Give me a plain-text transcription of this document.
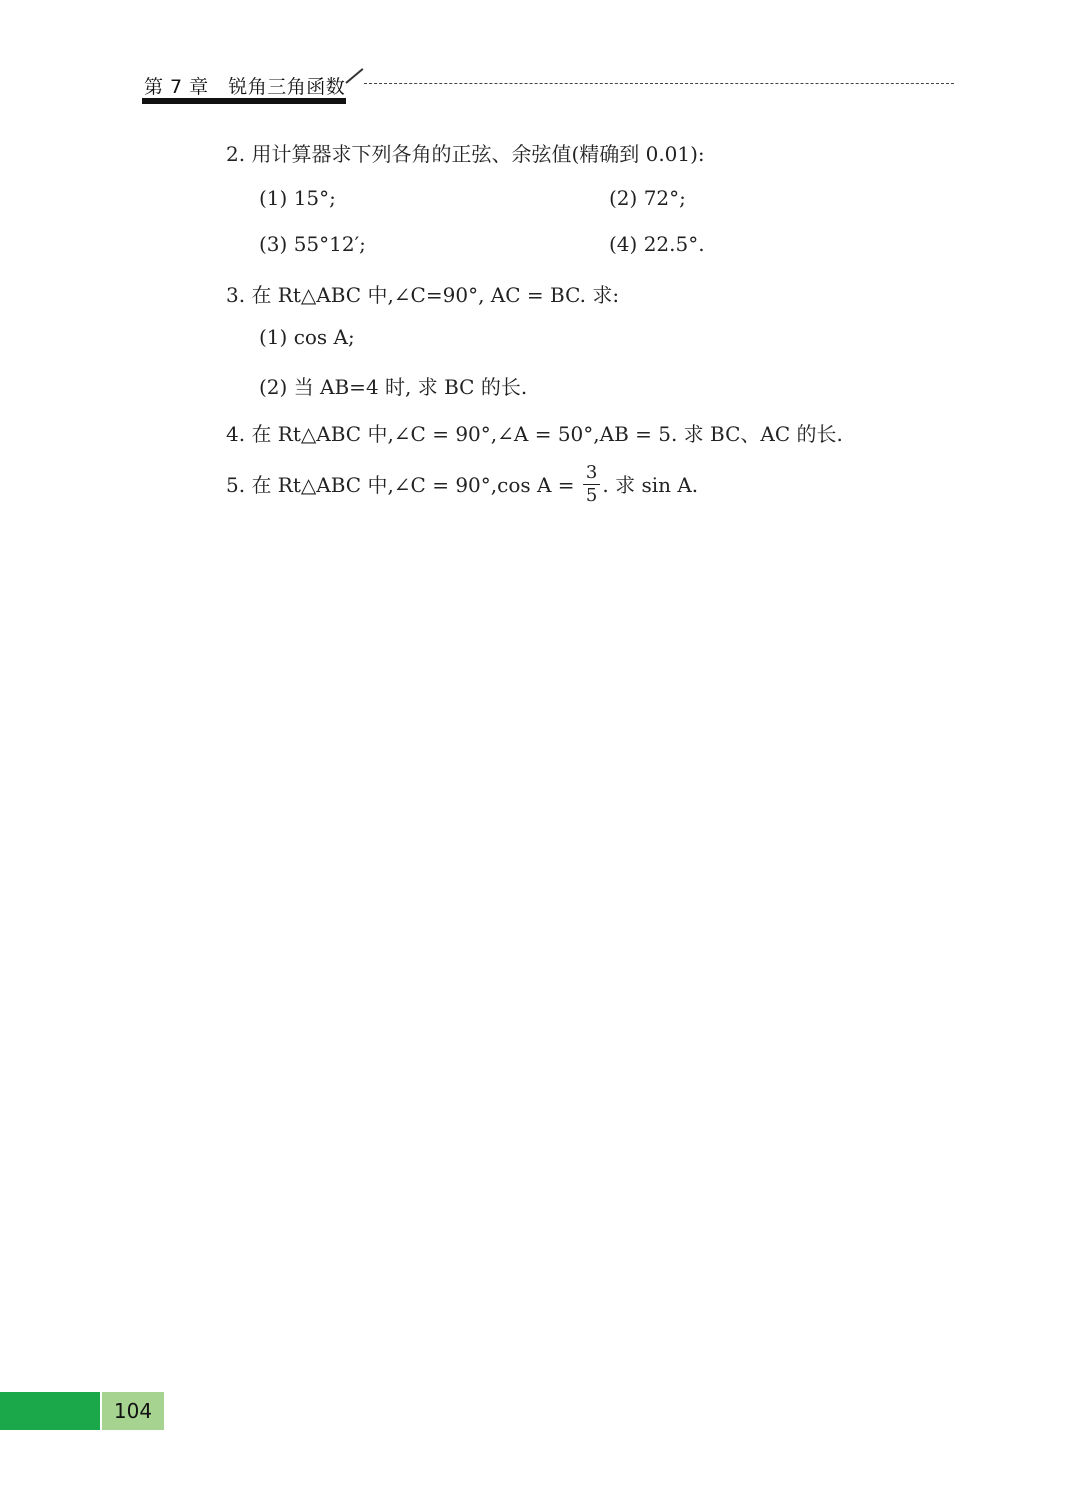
第 7 章 锐角三角函数
2. 用计算器求下列各角的正弦、余弦值(精确到 0.01):
(1) 15°;	(2) 72°;
(3) 55°12′;	(4) 22.5°.
3. 在 Rt△ABC 中,∠C=90°, AC = BC. 求:
(1) cos A;
(2) 当 AB=4 时, 求 BC 的长.
4. 在 Rt△ABC 中,∠C = 90°,∠A = 50°,AB = 5. 求 BC、AC 的长.
5. 在 Rt△ABC 中,∠C = 90°,cos $A = \frac{3}{5}$ . 求 sin A.
104
